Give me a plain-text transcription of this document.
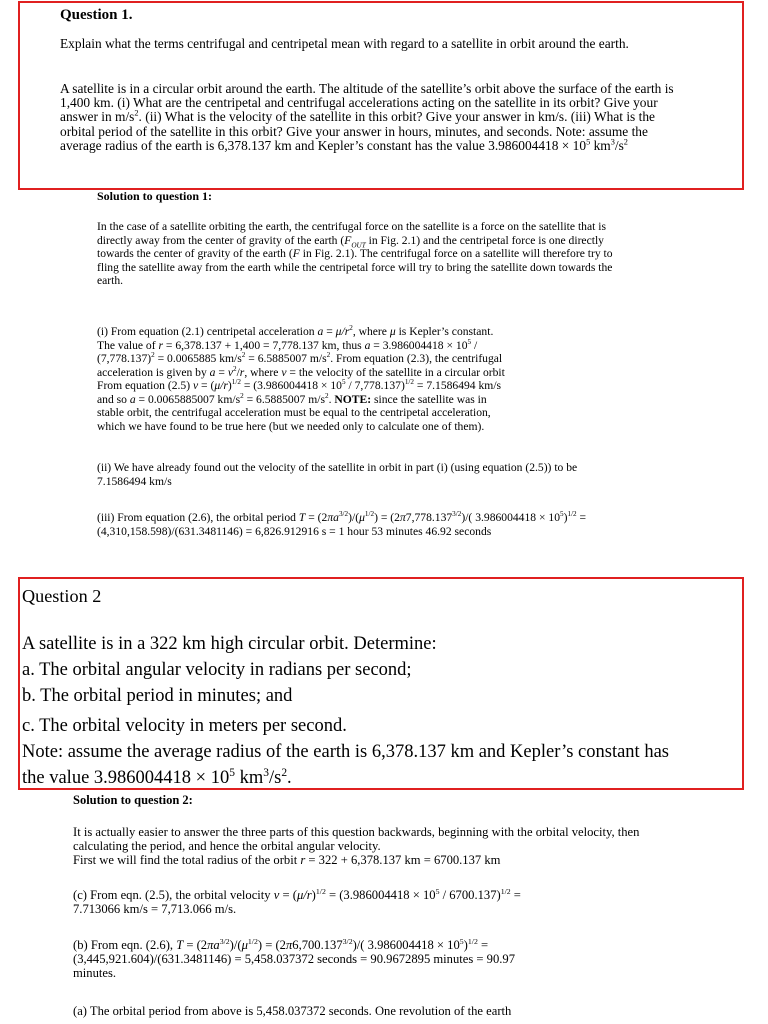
Question 1.

Explain what the terms centrifugal and centripetal mean with regard to a satellite in orbit around the earth.

A satellite is in a circular orbit around the earth. The altitude of the satellite’s orbit above the surface of the earth is 1,400 km. (i) What are the centripetal and centrifugal accelerations acting on the satellite in its orbit? Give your answer in $m/s^2$. (ii) What is the velocity of the satellite in this orbit? Give your answer in km/s. (iii) What is the orbital period of the satellite in this orbit? Give your answer in hours, minutes, and seconds. Note: assume the average radius of the earth is 6,378.137 km and Kepler’s constant has the value $3.986004418 \times 10^5$ $km^3/s^2$

Solution to question 1:

In the case of a satellite orbiting the earth, the centrifugal force on the satellite is a force on the satellite that is directly away from the center of gravity of the earth ($F_{OUT}$ in Fig. 2.1) and the centripetal force is one directly towards the center of gravity of the earth (F in Fig. 2.1). The centrifugal force on a satellite will therefore try to fling the satellite away from the earth while the centripetal force will try to bring the satellite down towards the earth.

(i) From equation (2.1) centripetal acceleration $a = \mu/r^2$, where μ is Kepler’s constant.
The value of r = 6,378.137 + 1,400 = 7,778.137 km, thus $a = 3.986004418 \times 10^5$ /
$(7,778.137)^2 = 0.0065885$ $km/s^2 = 6.5885007$ $m/s^2$. From equation (2.3), the centrifugal
acceleration is given by $a = v^2/r$, where v = the velocity of the satellite in a circular orbit
From equation (2.5) $v = (\mu/r)^{1/2} = (3.986004418 \times 10^5 / 7,778.137)^{1/2} = 7.1586494$ km/s
and so a = 0.0065885007 $km/s^2 = 6.5885007$ $m/s^2$. NOTE: since the satellite was in
stable orbit, the centrifugal acceleration must be equal to the centripetal acceleration,
which we have found to be true here (but we needed only to calculate one of them).

(ii) We have already found out the velocity of the satellite in orbit in part (i) (using equation (2.5)) to be 7.1586494 km/s

(iii) From equation (2.6), the orbital period $T = (2\pi a^{3/2})/(\mu^{1/2}) = (2\pi 7,778.137^{3/2})/$( $3.986004418 \times 10^5)^{1/2} = (4,310,158.598)/(631.3481146) = 6,826.912916$ s = 1 hour 53 minutes 46.92 seconds

Question 2
A satellite is in a 322 km high circular orbit. Determine:
a. The orbital angular velocity in radians per second;
b. The orbital period in minutes; and
c. The orbital velocity in meters per second.
Note: assume the average radius of the earth is 6,378.137 km and Kepler’s constant has
the value $3.986004418 \times 10^5$ $km^3/s^2$.
Solution to question 2:
It is actually easier to answer the three parts of this question backwards, beginning with the orbital velocity, then calculating the period, and hence the orbital angular velocity.
First we will find the total radius of the orbit r = 322 + 6,378.137 km = 6700.137 km
(c) From eqn. (2.5), the orbital velocity $v = (\mu/r)^{1/2} = (3.986004418 \times 10^5 / 6700.137)^{1/2}$ =
7.713066 km/s = 7,713.066 m/s.
(b) From eqn. (2.6), $T = (2\pi a^{3/2})/(\mu^{1/2}) = (2\pi 6,700.137^{3/2})/$( $3.986004418 \times 10^5)^{1/2}$ =
(3,445,921.604)/(631.3481146) = 5,458.037372 seconds = 90.9672895 minutes = 90.97
minutes.
(a) The orbital period from above is 5,458.037372 seconds. One revolution of the earth
